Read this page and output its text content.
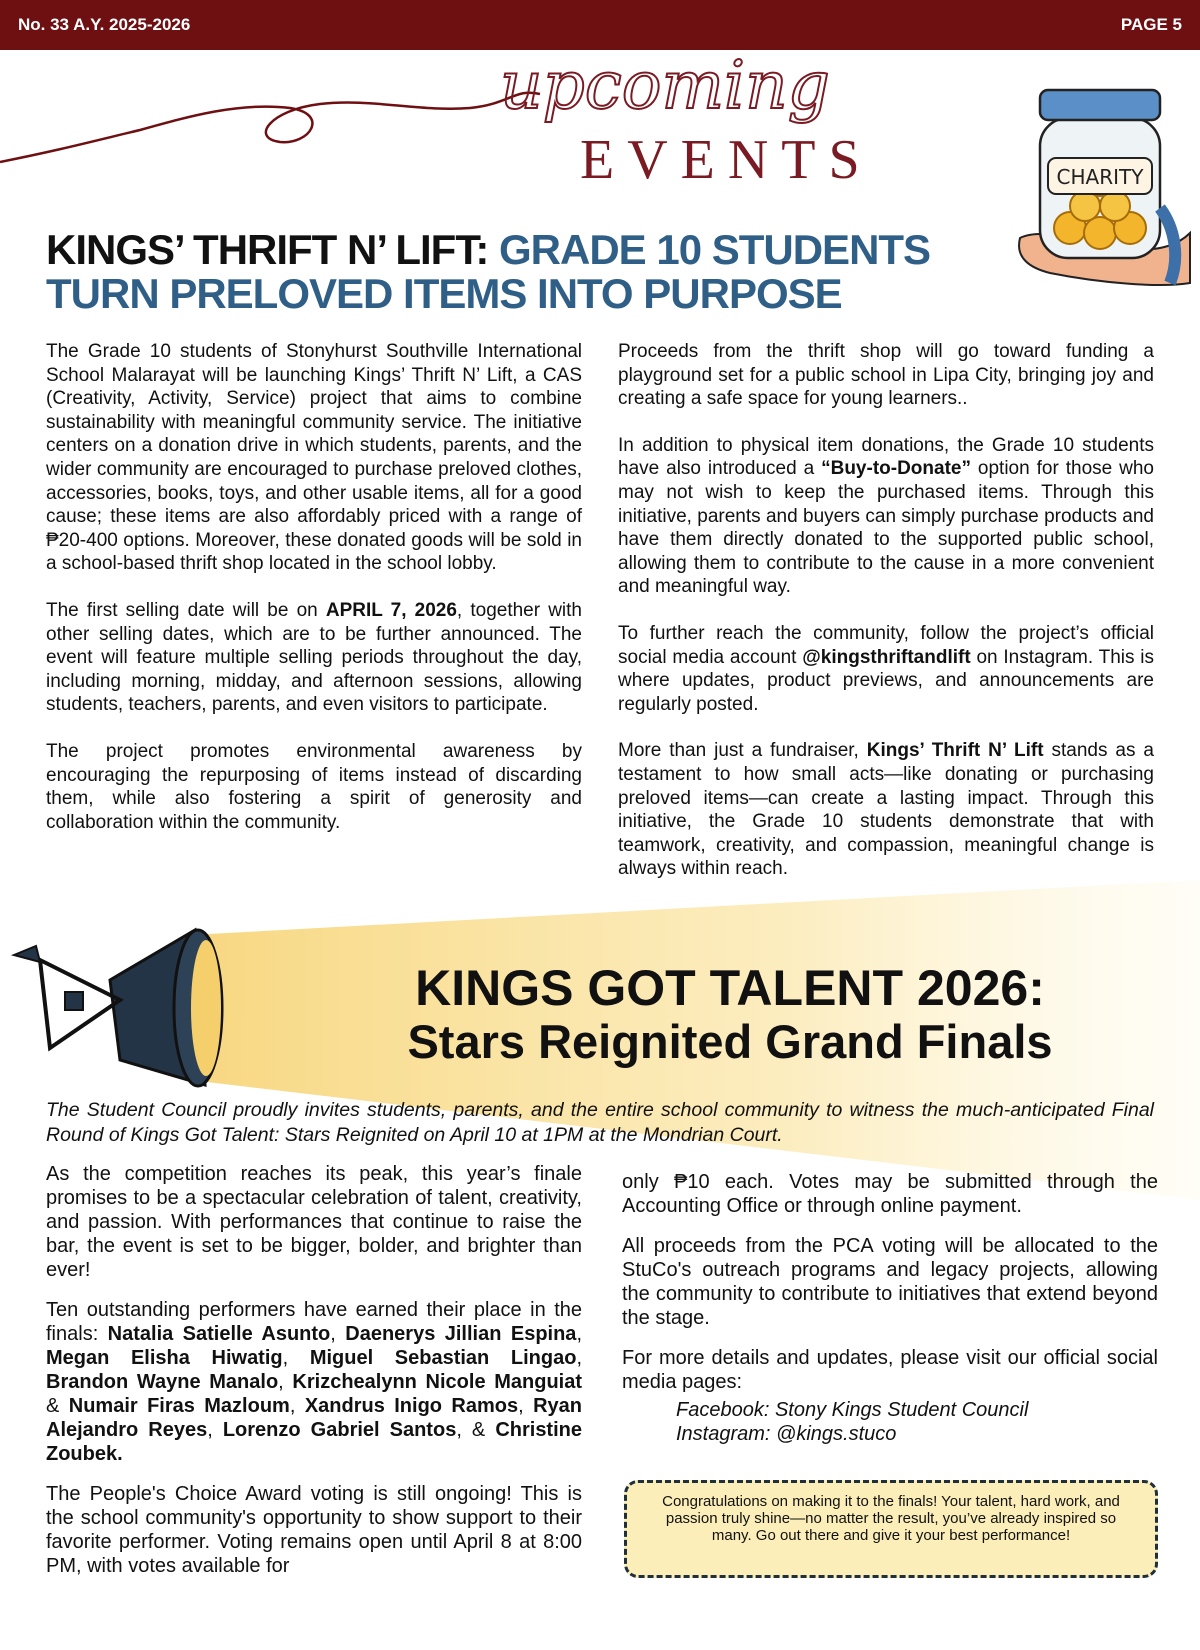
No. 33 A.Y. 2025-2026	PAGE 5
upcoming
EVENTS	CHARITY
KINGS’ THRIFT N’ LIFT: GRADE 10 STUDENTS TURN PRELOVED ITEMS INTO PURPOSE

The Grade 10 students of Stonyhurst Southville International School Malarayat will be launching Kings’ Thrift N’ Lift, a CAS (Creativity, Activity, Service) project that aims to combine sustainability with meaningful community service. The initiative centers on a donation drive in which students, parents, and the wider community are encouraged to purchase preloved clothes, accessories, books, toys, and other usable items, all for a good cause; these items are also affordably priced with a range of ₱20-400 options. Moreover, these donated goods will be sold in a school-based thrift shop located in the school lobby.

The first selling date will be on APRIL 7, 2026, together with other selling dates, which are to be further announced. The event will feature multiple selling periods throughout the day, including morning, midday, and afternoon sessions, allowing students, teachers, parents, and even visitors to participate.

The project promotes environmental awareness by encouraging the repurposing of items instead of discarding them, while also fostering a spirit of generosity and collaboration within the community.

Proceeds from the thrift shop will go toward funding a playground set for a public school in Lipa City, bringing joy and creating a safe space for young learners..

In addition to physical item donations, the Grade 10 students have also introduced a “Buy-to-Donate” option for those who may not wish to keep the purchased items. Through this initiative, parents and buyers can simply purchase products and have them directly donated to the supported public school, allowing them to contribute to the cause in a more convenient and meaningful way.

To further reach the community, follow the project’s official social media account @kingsthriftandlift on Instagram. This is where updates, product previews, and announcements are regularly posted.

More than just a fundraiser, Kings’ Thrift N’ Lift stands as a testament to how small acts—like donating or purchasing preloved items—can create a lasting impact. Through this initiative, the Grade 10 students demonstrate that with teamwork, creativity, and compassion, meaningful change is always within reach.

KINGS GOT TALENT 2026:
Stars Reignited Grand Finals
The Student Council proudly invites students, parents, and the entire school community to witness the much-anticipated Final Round of Kings Got Talent: Stars Reignited on April 10 at 1PM at the Mondrian Court.

As the competition reaches its peak, this year’s finale promises to be a spectacular celebration of talent, creativity, and passion. With performances that continue to raise the bar, the event is set to be bigger, bolder, and brighter than ever!

Ten outstanding performers have earned their place in the finals: Natalia Satielle Asunto, Daenerys Jillian Espina, Megan Elisha Hiwatig, Miguel Sebastian Lingao, Brandon Wayne Manalo, Krizchealynn Nicole Manguiat & Numair Firas Mazloum, Xandrus Inigo Ramos, Ryan Alejandro Reyes, Lorenzo Gabriel Santos, & Christine Zoubek.

The People's Choice Award voting is still ongoing! This is the school community's opportunity to show support to their favorite performer. Voting remains open until April 8 at 8:00 PM, with votes available for

only ₱10 each. Votes may be submitted through the Accounting Office or through online payment.

All proceeds from the PCA voting will be allocated to the StuCo's outreach programs and legacy projects, allowing the community to contribute to initiatives that extend beyond the stage.

For more details and updates, please visit our official social media pages:

Facebook: Stony Kings Student Council
Instagram: @kings.stuco
Congratulations on making it to the finals! Your talent, hard work, and passion truly shine—no matter the result, you’ve already inspired so many. Go out there and give it your best performance!
